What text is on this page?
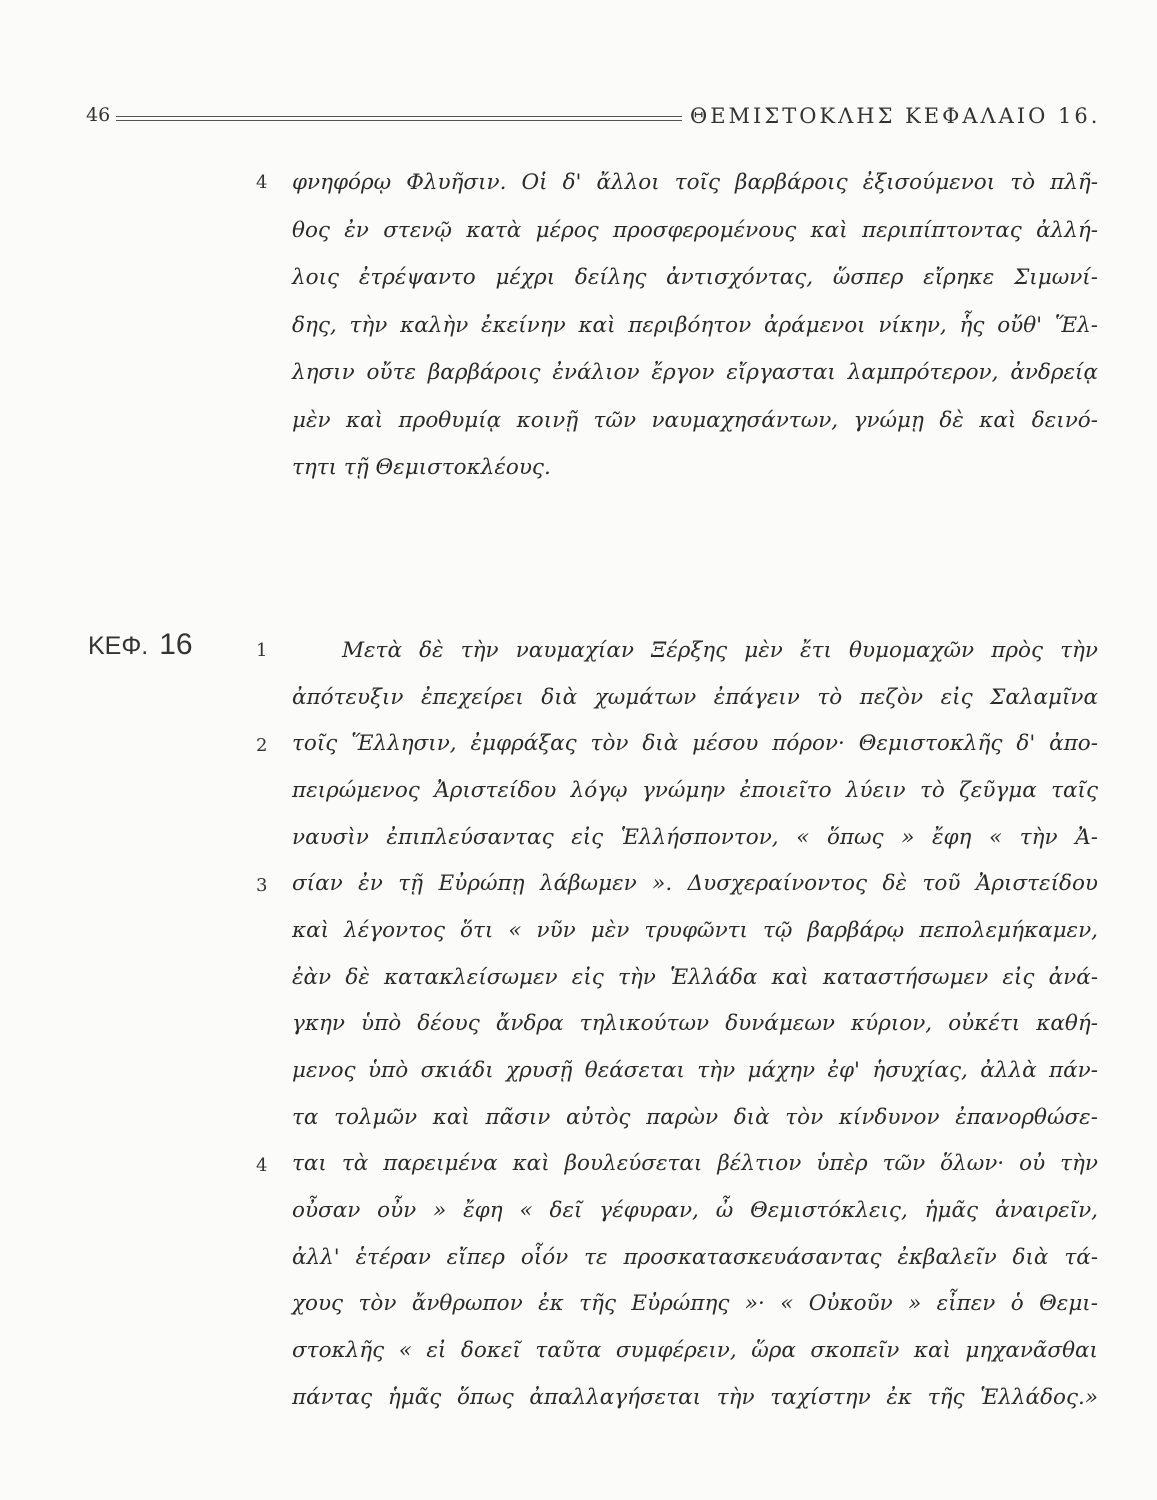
46	ΘΕΜΙΣΤΟΚΛΗΣ ΚΕΦΑΛΑΙΟ 16.
4 φνηφόρῳ Φλυῆσιν. Οἱ δ' ἄλλοι τοῖς βαρβάροις ἐξισούμενοι τὸ πλῆ-
θος ἐν στενῷ κατὰ μέρος προσφερομένους καὶ περιπίπτοντας ἀλλή-
λοις ἐτρέψαντο μέχρι δείλης ἀντισχόντας, ὥσπερ εἴρηκε Σιμωνί-
δης, τὴν καλὴν ἐκείνην καὶ περιβόητον ἀράμενοι νίκην, ἧς οὔθ' Ἕλ-
λησιν οὔτε βαρβάροις ἐνάλιον ἔργον εἴργασται λαμπρότερον, ἀνδρείᾳ
μὲν καὶ προθυμίᾳ κοινῇ τῶν ναυμαχησάντων, γνώμῃ δὲ καὶ δεινό-
τητι τῇ Θεμιστοκλέους.
ΚΕΦ. 16	1
2
3
4
Μετὰ δὲ τὴν ναυμαχίαν Ξέρξης μὲν ἔτι θυμομαχῶν πρὸς τὴν
ἀπότευξιν ἐπεχείρει διὰ χωμάτων ἐπάγειν τὸ πεζὸν εἰς Σαλαμῖνα
τοῖς Ἕλλησιν, ἐμφράξας τὸν διὰ μέσου πόρον· Θεμιστοκλῆς δ' ἀπο-
πειρώμενος Ἀριστείδου λόγῳ γνώμην ἐποιεῖτο λύειν τὸ ζεῦγμα ταῖς
ναυσὶν ἐπιπλεύσαντας εἰς Ἑλλήσποντον, « ὅπως » ἔφη « τὴν Ἀ-
σίαν ἐν τῇ Εὐρώπῃ λάβωμεν ». Δυσχεραίνοντος δὲ τοῦ Ἀριστείδου
καὶ λέγοντος ὅτι « νῦν μὲν τρυφῶντι τῷ βαρβάρῳ πεπολεμήκαμεν,
ἐὰν δὲ κατακλείσωμεν εἰς τὴν Ἑλλάδα καὶ καταστήσωμεν εἰς ἀνά-
γκην ὑπὸ δέους ἄνδρα τηλικούτων δυνάμεων κύριον, οὐκέτι καθή-
μενος ὑπὸ σκιάδι χρυσῇ θεάσεται τὴν μάχην ἐφ' ἡσυχίας, ἀλλὰ πάν-
τα τολμῶν καὶ πᾶσιν αὐτὸς παρὼν διὰ τὸν κίνδυνον ἐπανορθώσε-
ται τὰ παρειμένα καὶ βουλεύσεται βέλτιον ὑπὲρ τῶν ὅλων· οὐ τὴν
οὖσαν οὖν » ἔφη « δεῖ γέφυραν, ὦ Θεμιστόκλεις, ἡμᾶς ἀναιρεῖν,
ἀλλ' ἑτέραν εἴπερ οἷόν τε προσκατασκευάσαντας ἐκβαλεῖν διὰ τά-
χους τὸν ἄνθρωπον ἐκ τῆς Εὐρώπης »· « Οὐκοῦν » εἶπεν ὁ Θεμι-
στοκλῆς « εἰ δοκεῖ ταῦτα συμφέρειν, ὥρα σκοπεῖν καὶ μηχανᾶσθαι
πάντας ἡμᾶς ὅπως ἀπαλλαγήσεται τὴν ταχίστην ἐκ τῆς Ἑλλάδος.»
